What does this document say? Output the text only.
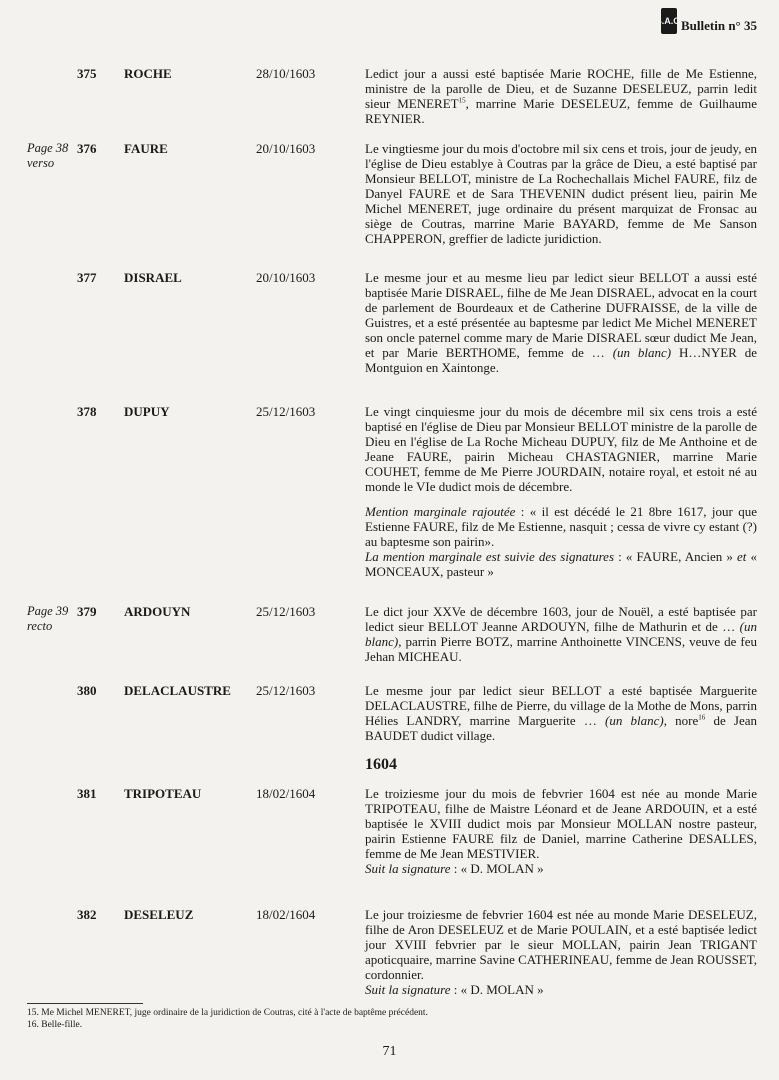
S.A.C.
Bulletin n° 35
375 ROCHE	28/10/1603	Ledict jour a aussi esté baptisée Marie ROCHE, fille de Me Estienne, ministre de la parolle de Dieu, et de Suzanne DESELEUZ, parrin ledit sieur MENERET$^{15}$, marrine Marie DESELEUZ, femme de Guilhaume REYNIER.

Page 38 verso
376 FAURE	20/10/1603	Le vingtiesme jour du mois d'octobre mil six cens et trois, jour de jeudy, en l'église de Dieu establye à Coutras par la grâce de Dieu, a esté baptisé par Monsieur BELLOT, ministre de La Rochechallais Michel FAURE, filz de Danyel FAURE et de Sara THEVENIN dudict présent lieu, pairin Me Michel MENERET, juge ordinaire du présent marquizat de Fronsac au siège de Coutras, marrine Marie BAYARD, femme de Me Sanson CHAPPERON, greffier de ladicte juridiction.

377 DISRAEL	20/10/1603	Le mesme jour et au mesme lieu par ledict sieur BELLOT a aussi esté baptisée Marie DISRAEL, filhe de Me Jean DISRAEL, advocat en la court de parlement de Bourdeaux et de Catherine DUFRAISSE, de la ville de Guistres, et a esté présentée au baptesme par ledict Me Michel MENERET son oncle paternel comme mary de Marie DISRAEL sœur dudict Me Jean, et par Marie BERTHOME, femme de … (un blanc) H…NYER de Montguion en Xaintonge.

378 DUPUY	25/12/1603	Le vingt cinquiesme jour du mois de décembre mil six cens trois a esté baptisé en l'église de Dieu par Monsieur BELLOT ministre de la parolle de Dieu en l'église de La Roche Micheau DUPUY, filz de Me Anthoine et de Jeane FAURE, pairin Micheau CHASTAGNIER, marrine Marie COUHET, femme de Me Pierre JOURDAIN, notaire royal, et estoit né au monde le VIe dudict mois de décembre.

Mention marginale rajoutée : « il est décédé le 21 8bre 1617, jour que Estienne FAURE, filz de Me Estienne, nasquit ; cessa de vivre cy estant (?) au baptesme son pairin».

La mention marginale est suivie des signatures : « FAURE, Ancien » et « MONCEAUX, pasteur »

Page 39 recto
379 ARDOUYN	25/12/1603	Le dict jour XXVe de décembre 1603, jour de Nouël, a esté baptisée par ledict sieur BELLOT Jeanne ARDOUYN, filhe de Mathurin et de … (un blanc), parrin Pierre BOTZ, marrine Anthoinette VINCENS, veuve de feu Jehan MICHEAU.

380 DELACLAUSTRE 25/12/1603	Le mesme jour par ledict sieur BELLOT a esté baptisée Marguerite DELACLAUSTRE, filhe de Pierre, du village de la Mothe de Mons, parrin Hélies LANDRY, marrine Marguerite … (un blanc), nore$^{16}$ de Jean BAUDET dudict village.

1604
381 TRIPOTEAU	18/02/1604	Le troiziesme jour du mois de febvrier 1604 est née au monde Marie TRIPOTEAU, filhe de Maistre Léonard et de Jeane ARDOUIN, et a esté baptisée le XVIII dudict mois par Monsieur MOLLAN nostre pasteur, pairin Estienne FAURE filz de Daniel, marrine Catherine DESALLES, femme de Me Jean MESTIVIER.

Suit la signature : « D. MOLAN »

382 DESELEUZ	18/02/1604	Le jour troiziesme de febvrier 1604 est née au monde Marie DESELEUZ, filhe de Aron DESELEUZ et de Marie POULAIN, et a esté baptisée ledict jour XVIII febvrier par le sieur MOLLAN, pairin Jean TRIGANT apoticquaire, marrine Savine CATHERINEAU, femme de Jean ROUSSET, cordonnier.

Suit la signature : « D. MOLAN »

15. Me Michel MENERET, juge ordinaire de la juridiction de Coutras, cité à l'acte de baptême précédent.
16. Belle-fille.
71
